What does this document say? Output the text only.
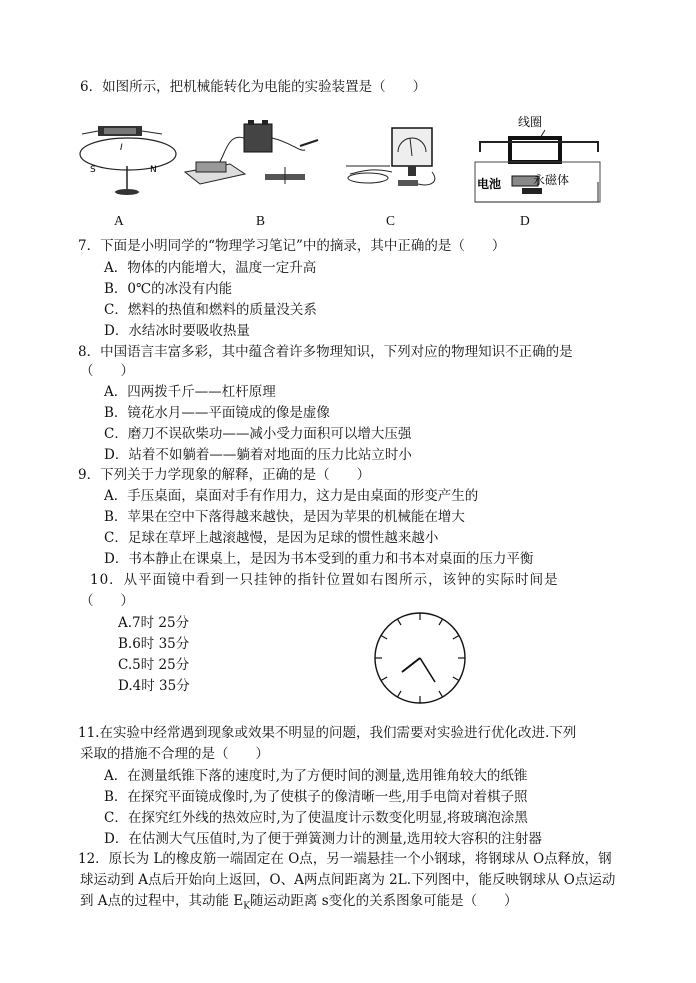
6．如图所示，把机械能转化为电能的实验装置是（　　）
S	N
I
线圈
电池	永磁体
A	B	C	D
7．下面是小明同学的“物理学习笔记”中的摘录，其中正确的是（　　）
A．物体的内能增大，温度一定升高
B．0℃的冰没有内能
C．燃料的热值和燃料的质量没关系
D．水结冰时要吸收热量
8．中国语言丰富多彩，其中蕴含着许多物理知识，下列对应的物理知识不正确的是
（　　）
A．四两拨千斤——杠杆原理
B．镜花水月——平面镜成的像是虚像
C．磨刀不误砍柴功——减小受力面积可以增大压强
D．站着不如躺着——躺着对地面的压力比站立时小
9．下列关于力学现象的解释，正确的是（　　）
A．手压桌面，桌面对手有作用力，这力是由桌面的形变产生的
B．苹果在空中下落得越来越快，是因为苹果的机械能在增大
C．足球在草坪上越滚越慢，是因为足球的惯性越来越小
D．书本静止在课桌上，是因为书本受到的重力和书本对桌面的压力平衡
10．从平面镜中看到一只挂钟的指针位置如右图所示，该钟的实际时间是
（　　）
A.7时 25分
B.6时 35分
C.5时 25分
D.4时 35分
11.在实验中经常遇到现象或效果不明显的问题，我们需要对实验进行优化改进.下列
采取的措施不合理的是（　　）
A．在测量纸锥下落的速度时,为了方便时间的测量,选用锥角较大的纸锥
B．在探究平面镜成像时,为了使棋子的像清晰一些,用手电筒对着棋子照
C．在探究红外线的热效应时,为了使温度计示数变化明显,将玻璃泡涂黑
D．在估测大气压值时,为了便于弹簧测力计的测量,选用较大容积的注射器
12．原长为 L的橡皮筋一端固定在 O点，另一端悬挂一个小钢球，将钢球从 O点释放，钢
球运动到 A点后开始向上返回，O、A两点间距离为 2L.下列图中，能反映钢球从 O点运动
到 A点的过程中，其动能 $E_K$随运动距离 s变化的关系图象可能是（　　）
